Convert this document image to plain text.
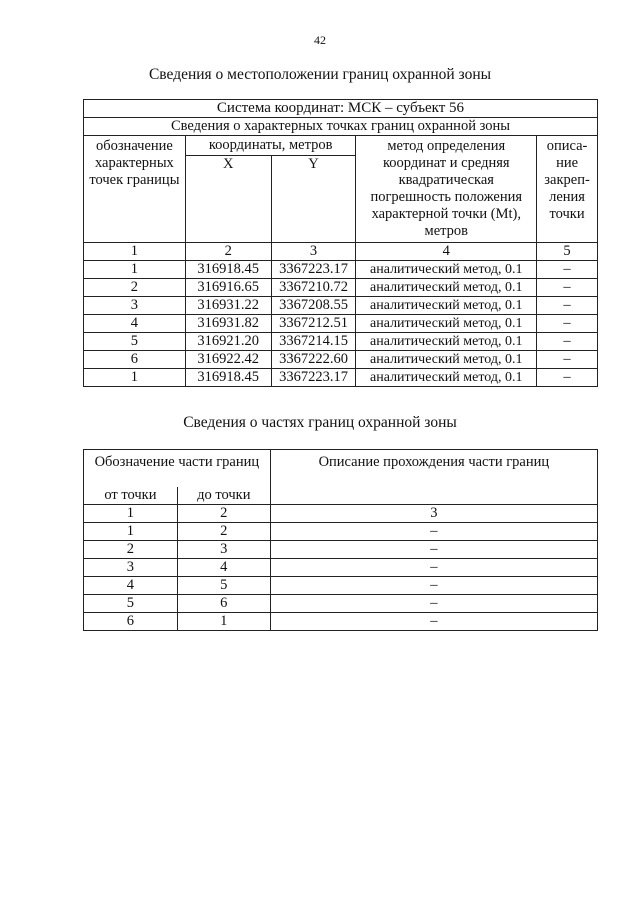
42
Сведения о местоположении границ охранной зоны
Система координат: МСК – субъект 56				
Сведения о характерных точках границ охранной зоны				
обозначение характерных точек границы	координаты, метров		метод определения координат и средняя квадратическая погрешность положения характерной точки (Mt), метров	описа-ние закреп-ления точки
	X	Y		
1	2	3	4	5
1	316918.45	3367223.17	аналитический метод, 0.1	–
2	316916.65	3367210.72	аналитический метод, 0.1	–
3	316931.22	3367208.55	аналитический метод, 0.1	–
4	316931.82	3367212.51	аналитический метод, 0.1	–
5	316921.20	3367214.15	аналитический метод, 0.1	–
6	316922.42	3367222.60	аналитический метод, 0.1	–
1	316918.45	3367223.17	аналитический метод, 0.1	–
Сведения о частях границ охранной зоны
Обозначение части границ		Описание прохождения части границ
от точки	до точки	
1	2	3
1	2	–
2	3	–
3	4	–
4	5	–
5	6	–
6	1	–
